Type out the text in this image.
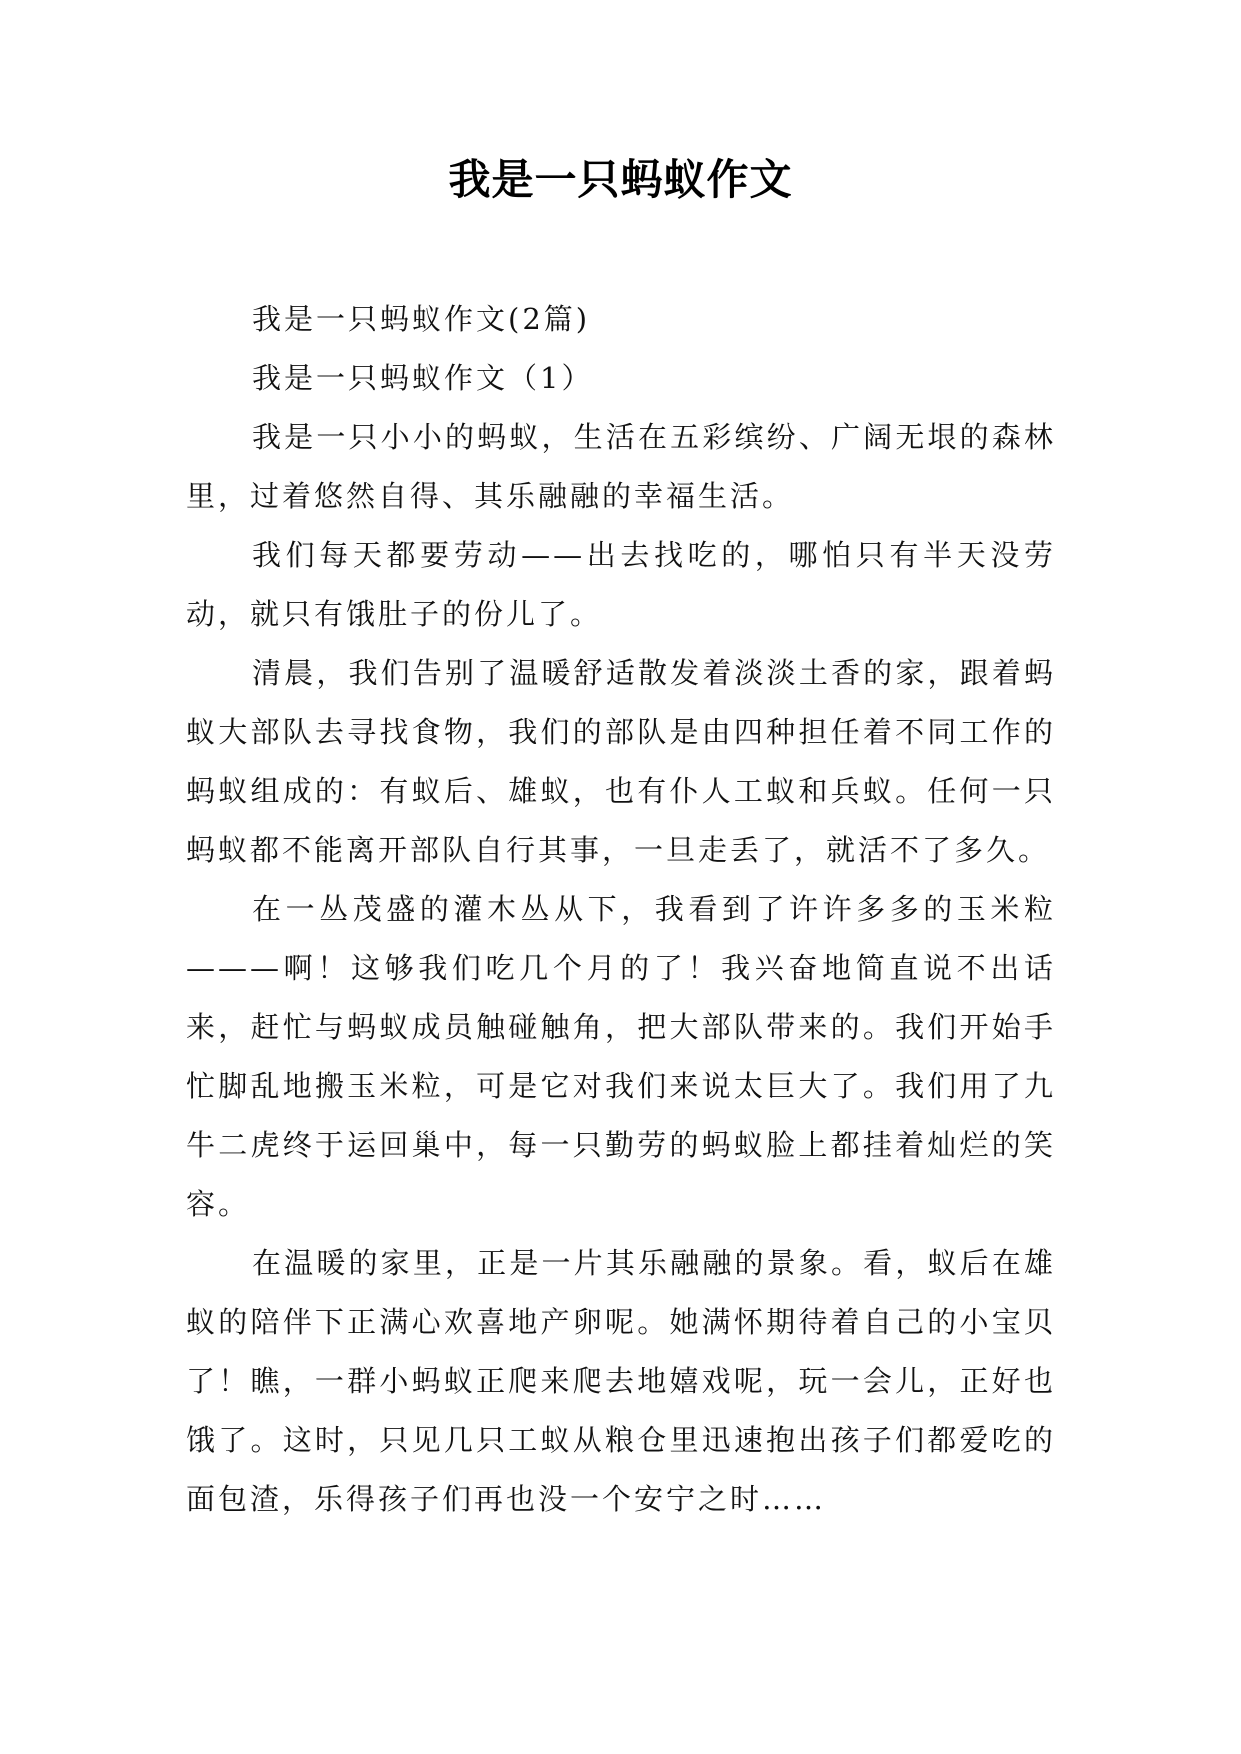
我是一只蚂蚁作文

我是一只蚂蚁作文(2篇)

我是一只蚂蚁作文（1）

我是一只小小的蚂蚁，生活在五彩缤纷、广阔无垠的森林里，过着悠然自得、其乐融融的幸福生活。

我们每天都要劳动——出去找吃的，哪怕只有半天没劳动，就只有饿肚子的份儿了。

清晨，我们告别了温暖舒适散发着淡淡土香的家，跟着蚂蚁大部队去寻找食物，我们的部队是由四种担任着不同工作的蚂蚁组成的：有蚁后、雄蚁，也有仆人工蚁和兵蚁。任何一只蚂蚁都不能离开部队自行其事，一旦走丢了，就活不了多久。

在一丛茂盛的灌木丛从下，我看到了许许多多的玉米粒———啊！这够我们吃几个月的了！我兴奋地简直说不出话来，赶忙与蚂蚁成员触碰触角，把大部队带来的。我们开始手忙脚乱地搬玉米粒，可是它对我们来说太巨大了。我们用了九牛二虎终于运回巢中，每一只勤劳的蚂蚁脸上都挂着灿烂的笑容。

在温暖的家里，正是一片其乐融融的景象。看，蚁后在雄蚁的陪伴下正满心欢喜地产卵呢。她满怀期待着自己的小宝贝了！瞧，一群小蚂蚁正爬来爬去地嬉戏呢，玩一会儿，正好也饿了。这时，只见几只工蚁从粮仓里迅速抱出孩子们都爱吃的面包渣，乐得孩子们再也没一个安宁之时……
